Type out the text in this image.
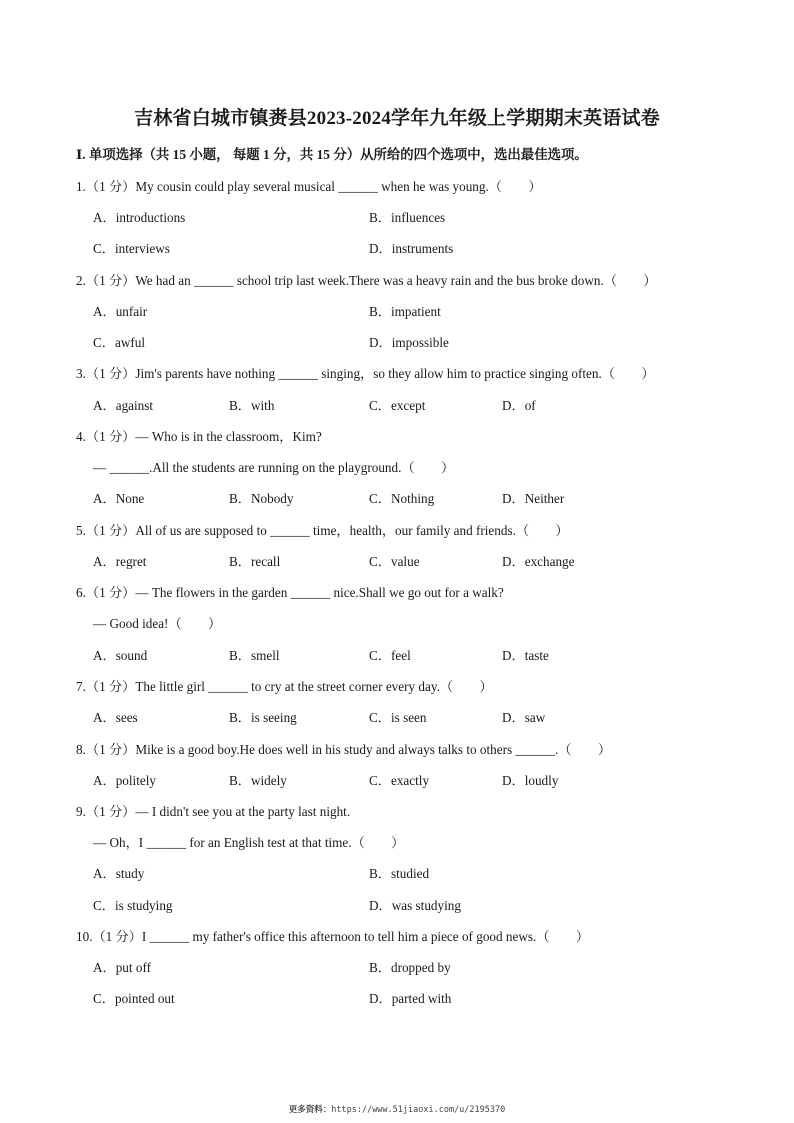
吉林省白城市镇赉县2023-2024学年九年级上学期期末英语试卷
Ⅰ. 单项选择（共 15 小题， 每题 1 分，共 15 分）从所给的四个选项中，选出最佳选项。
1.（1 分）My cousin could play several musical ______ when he was young.（　　）
A．introductions	B．influences
C．interviews	D．instruments
2.（1 分）We had an ______ school trip last week.There was a heavy rain and the bus broke down.（　　）
A．unfair	B．impatient
C．awful	D．impossible
3.（1 分）Jim's parents have nothing ______ singing，so they allow him to practice singing often.（　　）
A．against	B．with	C．except	D．of
4.（1 分）— Who is in the classroom，Kim?
— ______.All the students are running on the playground.（　　）
A．None	B．Nobody	C．Nothing	D．Neither
5.（1 分）All of us are supposed to ______ time，health，our family and friends.（　　）
A．regret	B．recall	C．value	D．exchange
6.（1 分）— The flowers in the garden ______ nice.Shall we go out for a walk?
— Good idea!（　　）
A．sound	B．smell	C．feel	D．taste
7.（1 分）The little girl ______ to cry at the street corner every day.（　　）
A．sees	B．is seeing	C．is seen	D．saw
8.（1 分）Mike is a good boy.He does well in his study and always talks to others ______.（　　）
A．politely	B．widely	C．exactly	D．loudly
9.（1 分）— I didn't see you at the party last night.
— Oh，I ______ for an English test at that time.（　　）
A．study	B．studied
C．is studying	D．was studying
10.（1 分）I ______ my father's office this afternoon to tell him a piece of good news.（　　）
A．put off	B．dropped by
C．pointed out	D．parted with
更多资料：https://www.51jiaoxi.com/u/2195370
